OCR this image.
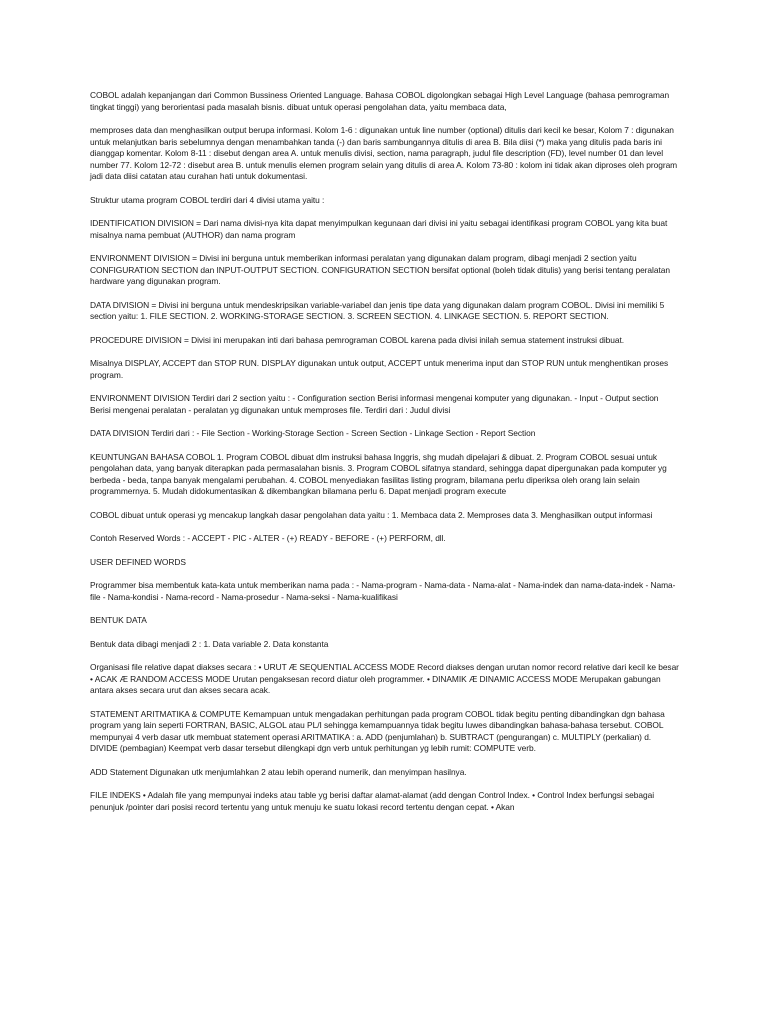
COBOL adalah kepanjangan dari Common Bussiness Oriented Language. Bahasa COBOL digolongkan sebagai High Level Language (bahasa pemrograman tingkat tinggi) yang berorientasi pada masalah bisnis. dibuat untuk operasi pengolahan data, yaitu membaca data,

memproses data dan menghasilkan output berupa informasi. Kolom 1-6 : digunakan untuk line number (optional) ditulis dari kecil ke besar, Kolom 7 : digunakan untuk melanjutkan baris sebelumnya dengan menambahkan tanda (-) dan baris sambungannya ditulis di area B. Bila diisi (*) maka yang ditulis pada baris ini dianggap komentar. Kolom 8-11 : disebut dengan area A. untuk menulis divisi, section, nama paragraph, judul file description (FD), level number 01 dan level number 77. Kolom 12-72 : disebut area B. untuk menulis elemen program selain yang ditulis di area A. Kolom 73-80 : kolom ini tidak akan diproses oleh program jadi data diisi catatan atau curahan hati untuk dokumentasi.

Struktur utama program COBOL terdiri dari 4 divisi utama yaitu :

IDENTIFICATION DIVISION = Dari nama divisi-nya kita dapat menyimpulkan kegunaan dari divisi ini yaitu sebagai identifikasi program COBOL yang kita buat misalnya nama pembuat (AUTHOR) dan nama program

ENVIRONMENT DIVISION = Divisi ini berguna untuk memberikan informasi peralatan yang digunakan dalam program, dibagi menjadi 2 section yaitu CONFIGURATION SECTION dan INPUT-OUTPUT SECTION. CONFIGURATION SECTION bersifat optional (boleh tidak ditulis) yang berisi tentang peralatan hardware yang digunakan program.

DATA DIVISION = Divisi ini berguna untuk mendeskripsikan variable-variabel dan jenis tipe data yang digunakan dalam program COBOL. Divisi ini memiliki 5 section yaitu: 1. FILE SECTION. 2. WORKING-STORAGE SECTION. 3. SCREEN SECTION. 4. LINKAGE SECTION. 5. REPORT SECTION.

PROCEDURE DIVISION = Divisi ini merupakan inti dari bahasa pemrograman COBOL karena pada divisi inilah semua statement instruksi dibuat.

Misalnya DISPLAY, ACCEPT dan STOP RUN. DISPLAY digunakan untuk output, ACCEPT untuk menerima input dan STOP RUN untuk menghentikan proses program.

ENVIRONMENT DIVISION Terdiri dari 2 section yaitu : - Configuration section Berisi informasi mengenai komputer yang digunakan. - Input - Output section Berisi mengenai peralatan - peralatan yg digunakan untuk memproses file. Terdiri dari : Judul divisi

DATA DIVISION Terdiri dari : - File Section - Working-Storage Section - Screen Section - Linkage Section - Report Section

KEUNTUNGAN BAHASA COBOL 1. Program COBOL dibuat dlm instruksi bahasa Inggris, shg mudah dipelajari & dibuat. 2. Program COBOL sesuai untuk pengolahan data, yang banyak diterapkan pada permasalahan bisnis. 3. Program COBOL sifatnya standard, sehingga dapat dipergunakan pada komputer yg berbeda - beda, tanpa banyak mengalami perubahan. 4. COBOL menyediakan fasilitas listing program, bilamana perlu diperiksa oleh orang lain selain programmernya. 5. Mudah didokumentasikan & dikembangkan bilamana perlu 6. Dapat menjadi program execute

COBOL dibuat untuk operasi yg mencakup langkah dasar pengolahan data yaitu : 1. Membaca data 2. Memproses data 3. Menghasilkan output informasi

Contoh Reserved Words : - ACCEPT - PIC - ALTER - (+) READY - BEFORE - (+) PERFORM, dll.

USER DEFINED WORDS

Programmer bisa membentuk kata-kata untuk memberikan nama pada : - Nama-program - Nama-data - Nama-alat - Nama-indek dan nama-data-indek - Nama-file - Nama-kondisi - Nama-record - Nama-prosedur - Nama-seksi - Nama-kualifikasi

BENTUK DATA

Bentuk data dibagi menjadi 2 : 1. Data variable 2. Data konstanta

Organisasi file relative dapat diakses secara : • URUT Æ SEQUENTIAL ACCESS MODE Record diakses dengan urutan nomor record relative dari kecil ke besar • ACAK Æ RANDOM ACCESS MODE Urutan pengaksesan record diatur oleh programmer. • DINAMIK Æ DINAMIC ACCESS MODE Merupakan gabungan antara akses secara urut dan akses secara acak.

STATEMENT ARITMATIKA & COMPUTE Kemampuan untuk mengadakan perhitungan pada program COBOL tidak begitu penting dibandingkan dgn bahasa program yang lain seperti FORTRAN, BASIC, ALGOL atau PL/I sehingga kemampuannya tidak begitu luwes dibandingkan bahasa-bahasa tersebut. COBOL mempunyai 4 verb dasar utk membuat statement operasi ARITMATIKA : a. ADD (penjumlahan) b. SUBTRACT (pengurangan) c. MULTIPLY (perkalian) d. DIVIDE (pembagian) Keempat verb dasar tersebut dilengkapi dgn verb untuk perhitungan yg lebih rumit: COMPUTE verb.

ADD Statement Digunakan utk menjumlahkan 2 atau lebih operand numerik, dan menyimpan hasilnya.

FILE INDEKS • Adalah file yang mempunyai indeks atau table yg berisi daftar alamat-alamat (add dengan Control Index. • Control Index berfungsi sebagai penunjuk /pointer dari posisi record tertentu yang untuk menuju ke suatu lokasi record tertentu dengan cepat. • Akan
